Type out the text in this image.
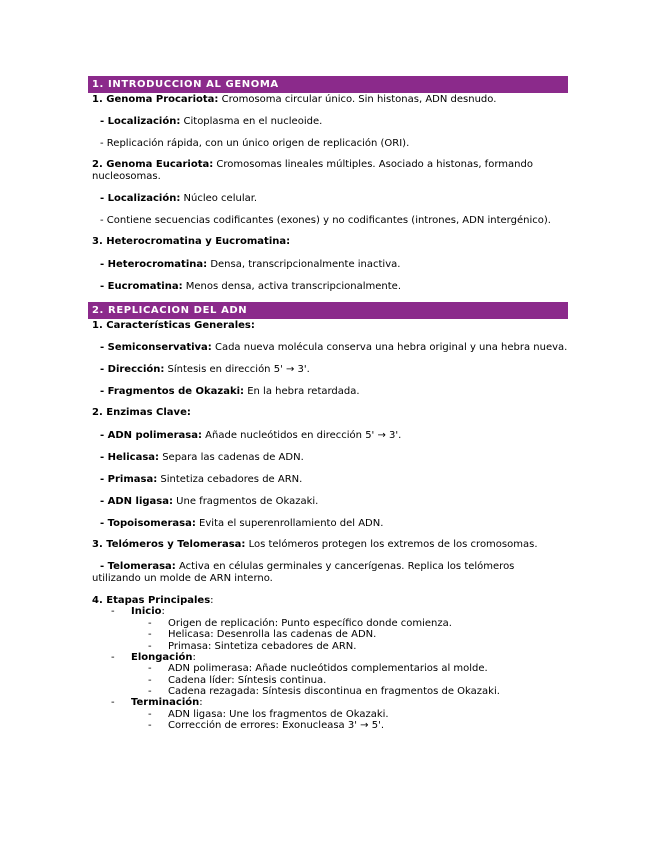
1. INTRODUCCION AL GENOMA
1. Genoma Procariota: Cromosoma circular único. Sin histonas, ADN desnudo.
- Localización: Citoplasma en el nucleoide.
- Replicación rápida, con un único origen de replicación (ORI).
2. Genoma Eucariota: Cromosomas lineales múltiples. Asociado a histonas, formando nucleosomas.
- Localización: Núcleo celular.
- Contiene secuencias codificantes (exones) y no codificantes (intrones, ADN intergénico).
3. Heterocromatina y Eucromatina:
- Heterocromatina: Densa, transcripcionalmente inactiva.
- Eucromatina: Menos densa, activa transcripcionalmente.
2. REPLICACION DEL ADN
1. Características Generales:
- Semiconservativa: Cada nueva molécula conserva una hebra original y una hebra nueva.
- Dirección: Síntesis en dirección 5' → 3'.
- Fragmentos de Okazaki: En la hebra retardada.
2. Enzimas Clave:
- ADN polimerasa: Añade nucleótidos en dirección 5' → 3'.
- Helicasa: Separa las cadenas de ADN.
- Primasa: Sintetiza cebadores de ARN.
- ADN ligasa: Une fragmentos de Okazaki.
- Topoisomerasa: Evita el superenrollamiento del ADN.
3. Telómeros y Telomerasa: Los telómeros protegen los extremos de los cromosomas.
- Telomerasa: Activa en células germinales y cancerígenas. Replica los telómeros utilizando un molde de ARN interno.
4. Etapas Principales:
- Inicio:
- Origen de replicación: Punto específico donde comienza.
- Helicasa: Desenrolla las cadenas de ADN.
- Primasa: Sintetiza cebadores de ARN.
- Elongación:
- ADN polimerasa: Añade nucleótidos complementarios al molde.
- Cadena líder: Síntesis continua.
- Cadena rezagada: Síntesis discontinua en fragmentos de Okazaki.
- Terminación:
- ADN ligasa: Une los fragmentos de Okazaki.
- Corrección de errores: Exonucleasa 3' → 5'.
